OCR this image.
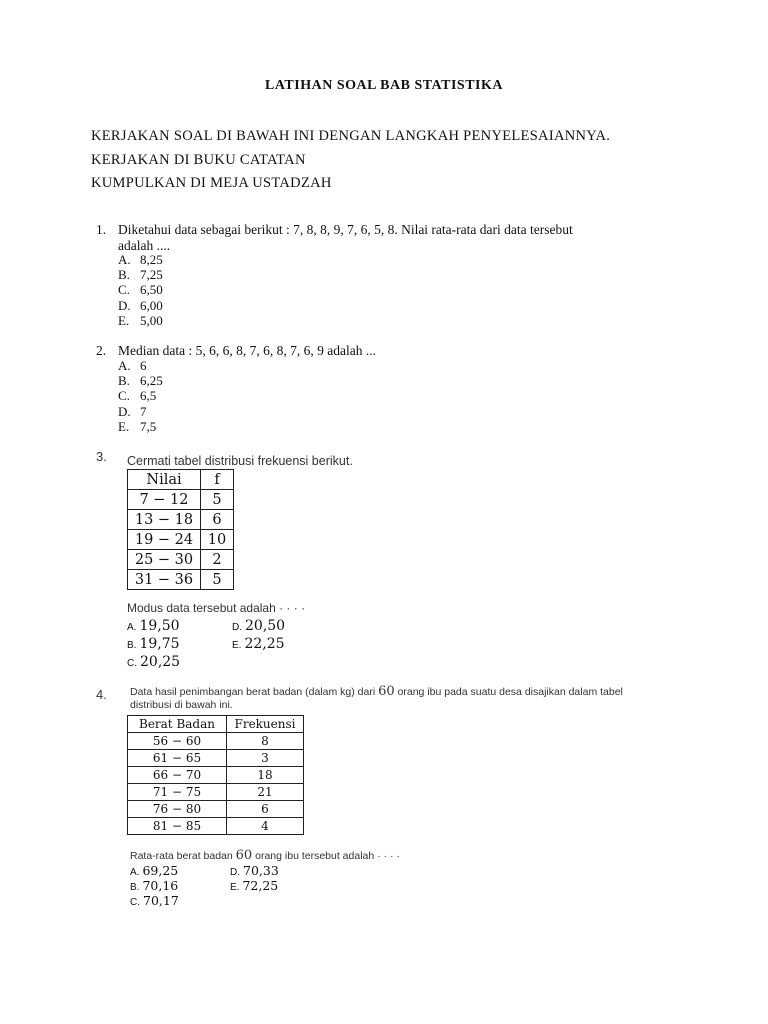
LATIHAN SOAL BAB STATISTIKA
KERJAKAN SOAL DI BAWAH INI DENGAN LANGKAH PENYELESAIANNYA.
KERJAKAN DI BUKU CATATAN
KUMPULKAN DI MEJA USTADZAH
1. Diketahui data sebagai berikut : 7, 8, 8, 9, 7, 6, 5, 8. Nilai rata-rata dari data tersebut
adalah ....
A. 8,25
B. 7,25
C. 6,50
D. 6,00
E. 5,00
2. Median data : 5, 6, 6, 8, 7, 6, 8, 7, 6, 9 adalah ...
A. 6
B. 6,25
C. 6,5
D. 7
E. 7,5
3. Cermati tabel distribusi frekuensi berikut.
Nilai	f
7 − 12	5
13 − 18	6
19 − 24	10
25 − 30	2
31 − 36	5
Modus data tersebut adalah · · · ·
A. 19,50
B. 19,75
C. 20,25
D. 20,50
E. 22,25
4. Data hasil penimbangan berat badan (dalam kg) dari 60 orang ibu pada suatu desa disajikan dalam tabel
distribusi di bawah ini.
Berat Badan	Frekuensi
56 − 60	8
61 − 65	3
66 − 70	18
71 − 75	21
76 − 80	6
81 − 85	4
Rata-rata berat badan 60 orang ibu tersebut adalah · · · ·
A. 69,25
B. 70,16
C. 70,17
D. 70,33
E. 72,25
